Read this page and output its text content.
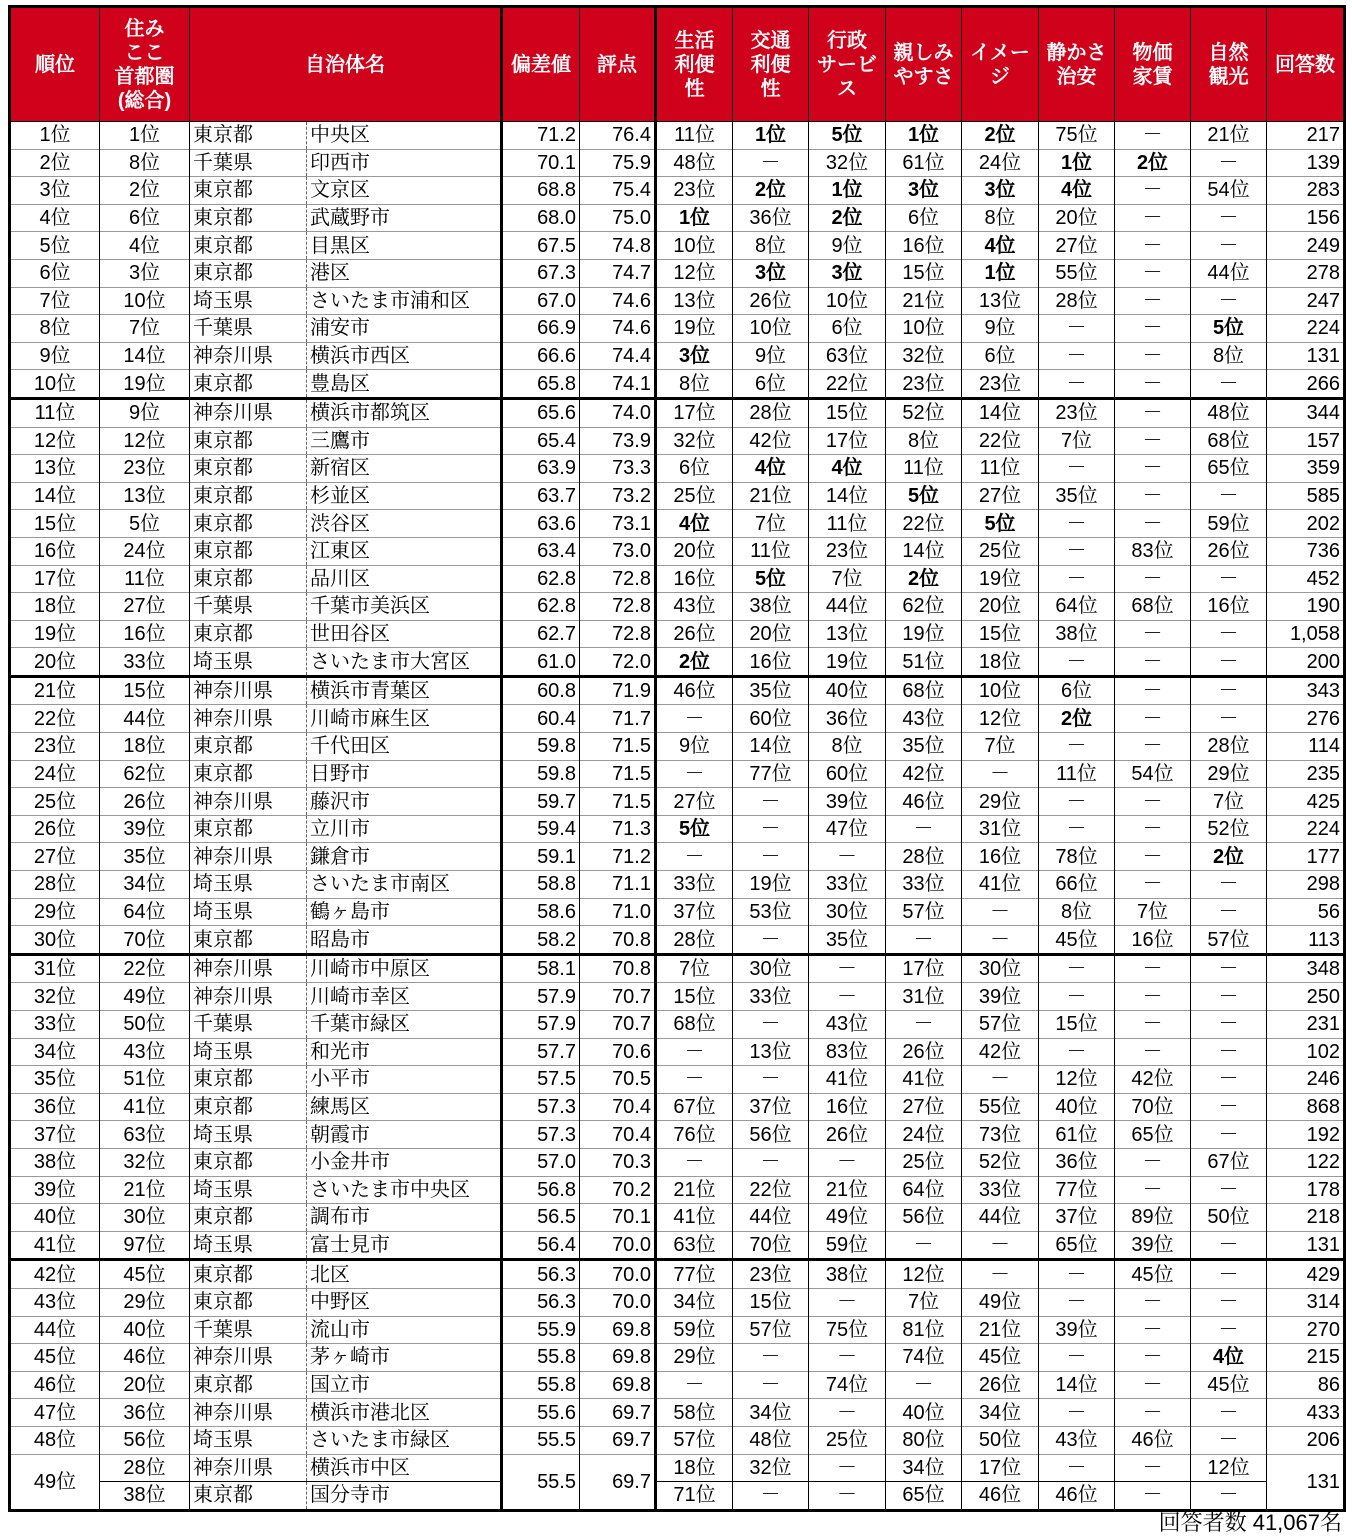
順位	住み
ここ
首都圏
(総合)	自治体名		偏差値	評点	生活
利便
性	交通
利便
性	行政
サービ
ス	親しみ
やすさ	イメー
ジ	静かさ
治安	物価
家賃	自然
観光	回答数
1位	1位	東京都	中央区	71.2	76.4	11位	1位	5位	1位	2位	75位	－	21位	217
2位	8位	千葉県	印西市	70.1	75.9	48位	－	32位	61位	24位	1位	2位	－	139
3位	2位	東京都	文京区	68.8	75.4	23位	2位	1位	3位	3位	4位	－	54位	283
4位	6位	東京都	武蔵野市	68.0	75.0	1位	36位	2位	6位	8位	20位	－	－	156
5位	4位	東京都	目黒区	67.5	74.8	10位	8位	9位	16位	4位	27位	－	－	249
6位	3位	東京都	港区	67.3	74.7	12位	3位	3位	15位	1位	55位	－	44位	278
7位	10位	埼玉県	さいたま市浦和区	67.0	74.6	13位	26位	10位	21位	13位	28位	－	－	247
8位	7位	千葉県	浦安市	66.9	74.6	19位	10位	6位	10位	9位	－	－	5位	224
9位	14位	神奈川県	横浜市西区	66.6	74.4	3位	9位	63位	32位	6位	－	－	8位	131
10位	19位	東京都	豊島区	65.8	74.1	8位	6位	22位	23位	23位	－	－	－	266
11位	9位	神奈川県	横浜市都筑区	65.6	74.0	17位	28位	15位	52位	14位	23位	－	48位	344
12位	12位	東京都	三鷹市	65.4	73.9	32位	42位	17位	8位	22位	7位	－	68位	157
13位	23位	東京都	新宿区	63.9	73.3	6位	4位	4位	11位	11位	－	－	65位	359
14位	13位	東京都	杉並区	63.7	73.2	25位	21位	14位	5位	27位	35位	－	－	585
15位	5位	東京都	渋谷区	63.6	73.1	4位	7位	11位	22位	5位	－	－	59位	202
16位	24位	東京都	江東区	63.4	73.0	20位	11位	23位	14位	25位	－	83位	26位	736
17位	11位	東京都	品川区	62.8	72.8	16位	5位	7位	2位	19位	－	－	－	452
18位	27位	千葉県	千葉市美浜区	62.8	72.8	43位	38位	44位	62位	20位	64位	68位	16位	190
19位	16位	東京都	世田谷区	62.7	72.8	26位	20位	13位	19位	15位	38位	－	－	1,058
20位	33位	埼玉県	さいたま市大宮区	61.0	72.0	2位	16位	19位	51位	18位	－	－	－	200
21位	15位	神奈川県	横浜市青葉区	60.8	71.9	46位	35位	40位	68位	10位	6位	－	－	343
22位	44位	神奈川県	川崎市麻生区	60.4	71.7	－	60位	36位	43位	12位	2位	－	－	276
23位	18位	東京都	千代田区	59.8	71.5	9位	14位	8位	35位	7位	－	－	28位	114
24位	62位	東京都	日野市	59.8	71.5	－	77位	60位	42位	－	11位	54位	29位	235
25位	26位	神奈川県	藤沢市	59.7	71.5	27位	－	39位	46位	29位	－	－	7位	425
26位	39位	東京都	立川市	59.4	71.3	5位	－	47位	－	31位	－	－	52位	224
27位	35位	神奈川県	鎌倉市	59.1	71.2	－	－	－	28位	16位	78位	－	2位	177
28位	34位	埼玉県	さいたま市南区	58.8	71.1	33位	19位	33位	33位	41位	66位	－	－	298
29位	64位	埼玉県	鶴ヶ島市	58.6	71.0	37位	53位	30位	57位	－	8位	7位	－	56
30位	70位	東京都	昭島市	58.2	70.8	28位	－	35位	－	－	45位	16位	57位	113
31位	22位	神奈川県	川崎市中原区	58.1	70.8	7位	30位	－	17位	30位	－	－	－	348
32位	49位	神奈川県	川崎市幸区	57.9	70.7	15位	33位	－	31位	39位	－	－	－	250
33位	50位	千葉県	千葉市緑区	57.9	70.7	68位	－	43位	－	57位	15位	－	－	231
34位	43位	埼玉県	和光市	57.7	70.6	－	13位	83位	26位	42位	－	－	－	102
35位	51位	東京都	小平市	57.5	70.5	－	－	41位	41位	－	12位	42位	－	246
36位	41位	東京都	練馬区	57.3	70.4	67位	37位	16位	27位	55位	40位	70位	－	868
37位	63位	埼玉県	朝霞市	57.3	70.4	76位	56位	26位	24位	73位	61位	65位	－	192
38位	32位	東京都	小金井市	57.0	70.3	－	－	－	25位	52位	36位	－	67位	122
39位	21位	埼玉県	さいたま市中央区	56.8	70.2	21位	22位	21位	64位	33位	77位	－	－	178
40位	30位	東京都	調布市	56.5	70.1	41位	44位	49位	56位	44位	37位	89位	50位	218
41位	97位	埼玉県	富士見市	56.4	70.0	63位	70位	59位	－	－	65位	39位	－	131
42位	45位	東京都	北区	56.3	70.0	77位	23位	38位	12位	－	－	45位	－	429
43位	29位	東京都	中野区	56.3	70.0	34位	15位	－	7位	49位	－	－	－	314
44位	40位	千葉県	流山市	55.9	69.8	59位	57位	75位	81位	21位	39位	－	－	270
45位	46位	神奈川県	茅ヶ崎市	55.8	69.8	29位	－	－	74位	45位	－	－	4位	215
46位	20位	東京都	国立市	55.8	69.8	－	－	74位	－	26位	14位	－	45位	86
47位	36位	神奈川県	横浜市港北区	55.6	69.7	58位	34位	－	40位	34位	－	－	－	433
48位	56位	埼玉県	さいたま市緑区	55.5	69.7	57位	48位	25位	80位	50位	43位	46位	－	206
49位	28位	神奈川県	横浜市中区	55.5	69.7	18位	32位	－	34位	17位	－	－	12位	131
	38位	東京都	国分寺市			71位	－	－	65位	46位	46位	－	－	
回答者数 41,067名
